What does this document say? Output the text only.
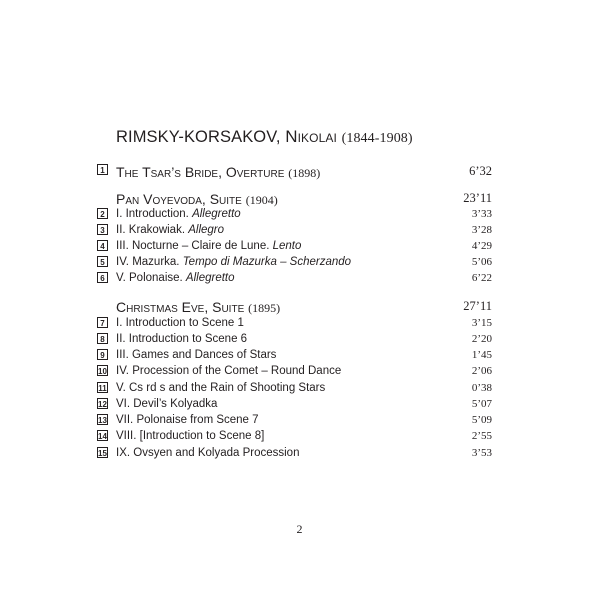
RIMSKY-KORSAKOV, Nikolai (1844-1908)
1 The Tsar’s Bride, Overture (1898)	6’32
Pan Voyevoda, Suite (1904)	23’11
2 I. Introduction. Allegretto	3’33
3 II. Krakowiak. Allegro	3’28
4 III. Nocturne – Claire de Lune. Lento	4’29
5 IV. Mazurka. Tempo di Mazurka – Scherzando	5’06
6 V. Polonaise. Allegretto	6’22
Christmas Eve, Suite (1895)	27’11
7 I. Introduction to Scene 1	3’15
8 II. Introduction to Scene 6	2’20
9 III. Games and Dances of Stars	1’45
10 IV. Procession of the Comet – Round Dance	2’06
11 V. Cs rd s and the Rain of Shooting Stars	0’38
12 VI. Devil’s Kolyadka	5’07
13 VII. Polonaise from Scene 7	5’09
14 VIII. [Introduction to Scene 8]	2’55
15 IX. Ovsyen and Kolyada Procession	3’53
2
